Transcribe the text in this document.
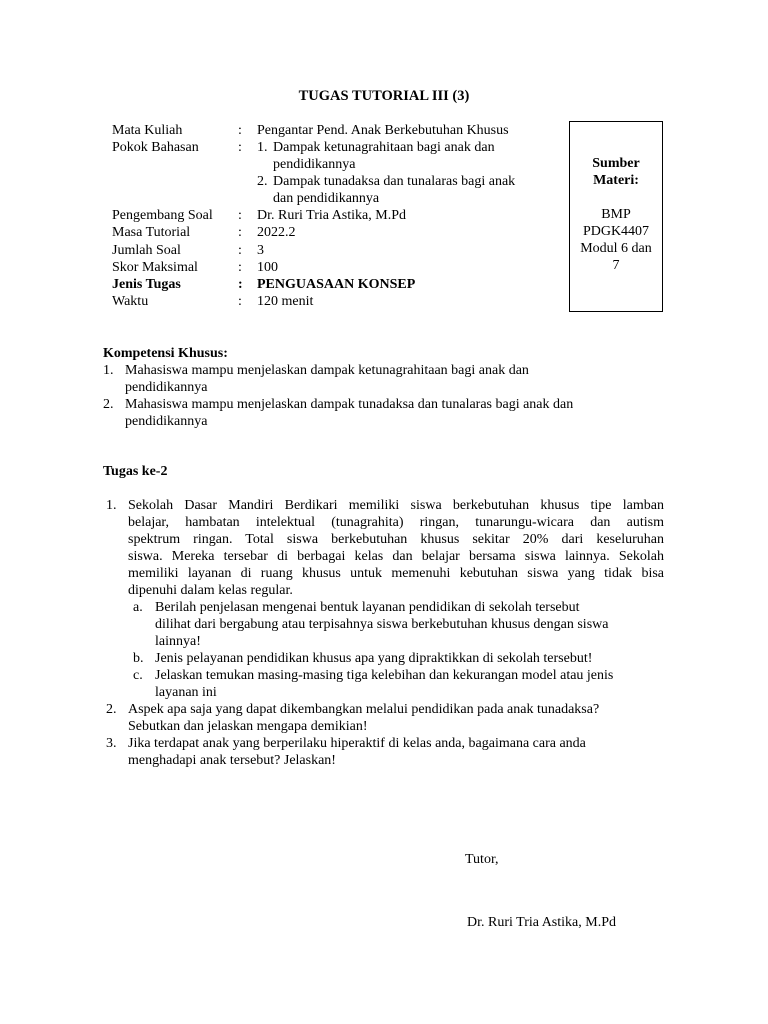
TUGAS TUTORIAL III (3)
Mata Kuliah	: Pengantar Pend. Anak Berkebutuhan Khusus
Pokok Bahasan	: 1. Dampak ketunagrahitaan bagi anak dan
pendidikannya
2. Dampak tunadaksa dan tunalaras bagi anak
dan pendidikannya
Pengembang Soal : Dr. Ruri Tria Astika, M.Pd
Masa Tutorial	: 2022.2
Jumlah Soal	: 3
Skor Maksimal	: 100
Jenis Tugas	: PENGUASAAN KONSEP
Waktu	: 120 menit
Sumber
Materi:
BMP
PDGK4407
Modul 6 dan
7
Kompetensi Khusus:
1. Mahasiswa mampu menjelaskan dampak ketunagrahitaan bagi anak dan
pendidikannya
2. Mahasiswa mampu menjelaskan dampak tunadaksa dan tunalaras bagi anak dan
pendidikannya
Tugas ke-2
1. Sekolah Dasar Mandiri Berdikari memiliki siswa berkebutuhan khusus tipe lamban
belajar, hambatan intelektual (tunagrahita) ringan, tunarungu-wicara dan autism
spektrum ringan. Total siswa berkebutuhan khusus sekitar 20% dari keseluruhan
siswa. Mereka tersebar di berbagai kelas dan belajar bersama siswa lainnya. Sekolah
memiliki layanan di ruang khusus untuk memenuhi kebutuhan siswa yang tidak bisa
dipenuhi dalam kelas regular.
a. Berilah penjelasan mengenai bentuk layanan pendidikan di sekolah tersebut
dilihat dari bergabung atau terpisahnya siswa berkebutuhan khusus dengan siswa
lainnya!
b. Jenis pelayanan pendidikan khusus apa yang dipraktikkan di sekolah tersebut!
c. Jelaskan temukan masing-masing tiga kelebihan dan kekurangan model atau jenis
layanan ini
2. Aspek apa saja yang dapat dikembangkan melalui pendidikan pada anak tunadaksa?
Sebutkan dan jelaskan mengapa demikian!
3. Jika terdapat anak yang berperilaku hiperaktif di kelas anda, bagaimana cara anda
menghadapi anak tersebut? Jelaskan!
Tutor,
Dr. Ruri Tria Astika, M.Pd
